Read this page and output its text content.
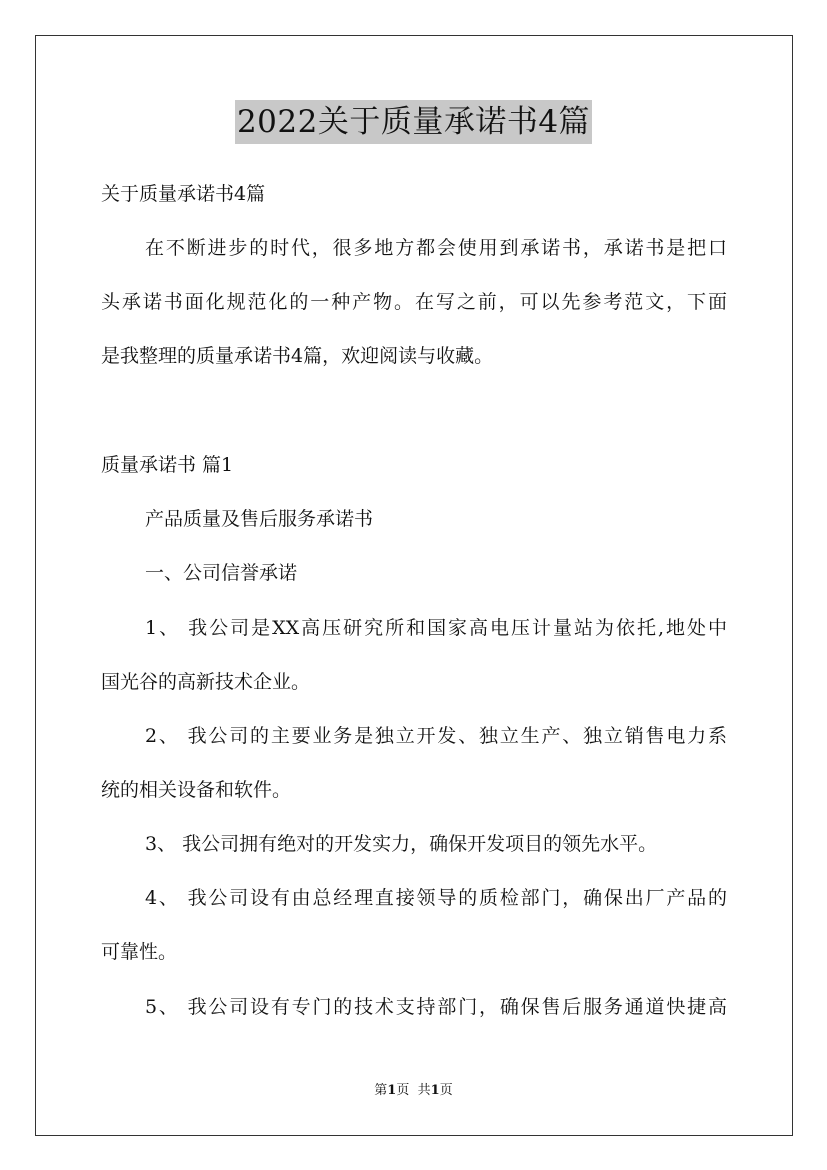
2022关于质量承诺书4篇
关于质量承诺书4篇
在不断进步的时代，很多地方都会使用到承诺书，承诺书是把口
头承诺书面化规范化的一种产物。在写之前，可以先参考范文，下面
是我整理的质量承诺书4篇，欢迎阅读与收藏。
质量承诺书 篇1
产品质量及售后服务承诺书
一、公司信誉承诺
1、 我公司是XX高压研究所和国家高电压计量站为依托,地处中
国光谷的高新技术企业。
2、 我公司的主要业务是独立开发、独立生产、独立销售电力系
统的相关设备和软件。
3、 我公司拥有绝对的开发实力，确保开发项目的领先水平。
4、 我公司设有由总经理直接领导的质检部门，确保出厂产品的
可靠性。
5、 我公司设有专门的技术支持部门，确保售后服务通道快捷高
第1页 共1页
